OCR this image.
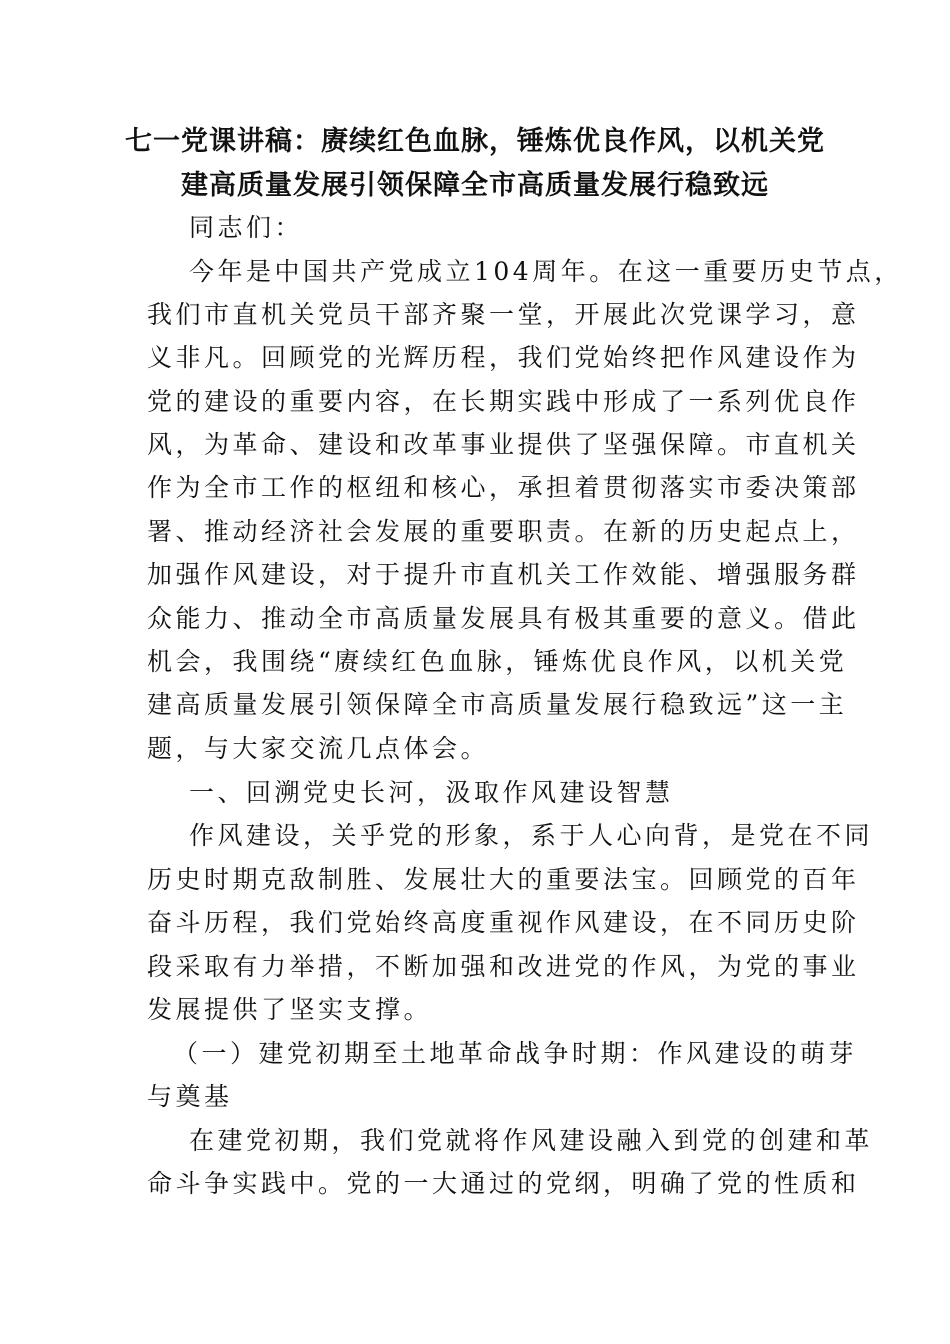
七一党课讲稿：赓续红色血脉，锤炼优良作风，以机关党
建高质量发展引领保障全市高质量发展行稳致远
同志们：
今年是中国共产党成立104周年。在这一重要历史节点，
我们市直机关党员干部齐聚一堂，开展此次党课学习，意
义非凡。回顾党的光辉历程，我们党始终把作风建设作为
党的建设的重要内容，在长期实践中形成了一系列优良作
风，为革命、建设和改革事业提供了坚强保障。市直机关
作为全市工作的枢纽和核心，承担着贯彻落实市委决策部
署、推动经济社会发展的重要职责。在新的历史起点上，
加强作风建设，对于提升市直机关工作效能、增强服务群
众能力、推动全市高质量发展具有极其重要的意义。借此
机会，我围绕“赓续红色血脉，锤炼优良作风，以机关党
建高质量发展引领保障全市高质量发展行稳致远”这一主
题，与大家交流几点体会。
一、回溯党史长河，汲取作风建设智慧
作风建设，关乎党的形象，系于人心向背，是党在不同
历史时期克敌制胜、发展壮大的重要法宝。回顾党的百年
奋斗历程，我们党始终高度重视作风建设，在不同历史阶
段采取有力举措，不断加强和改进党的作风，为党的事业
发展提供了坚实支撑。
（一）建党初期至土地革命战争时期：作风建设的萌芽
与奠基
在建党初期，我们党就将作风建设融入到党的创建和革
命斗争实践中。党的一大通过的党纲，明确了党的性质和
